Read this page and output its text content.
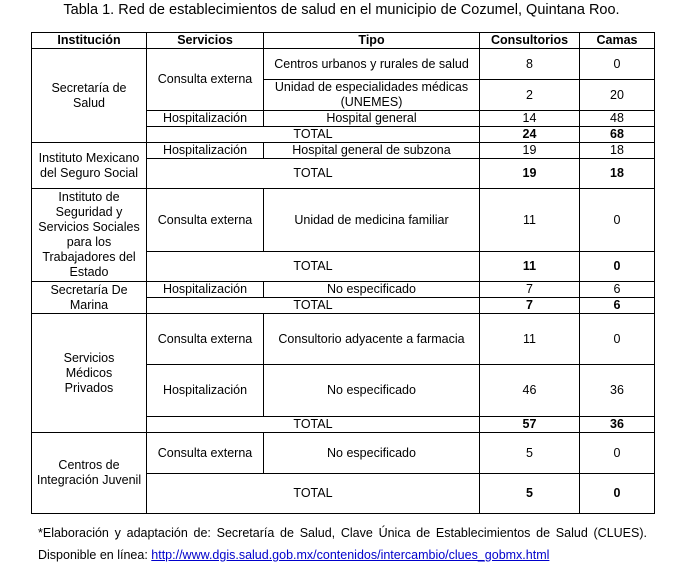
Tabla 1. Red de establecimientos de salud en el municipio de Cozumel, Quintana Roo.
Institución	Servicios	Tipo	Consultorios	Camas
Secretaría de Salud	Consulta externa	Centros urbanos y rurales de salud	8	0
		Unidad de especialidades médicas (UNEMES)	2	20
	Hospitalización	Hospital general	14	48
	TOTAL		24	68
Instituto Mexicano del Seguro Social	Hospitalización	Hospital general de subzona	19	18
	TOTAL		19	18
Instituto de Seguridad y Servicios Sociales para los Trabajadores del Estado	Consulta externa	Unidad de medicina familiar	11	0
	TOTAL		11	0
Secretaría De Marina	Hospitalización	No especificado	7	6
	TOTAL		7	6
Servicios Médicos Privados	Consulta externa	Consultorio adyacente a farmacia	11	0
	Hospitalización	No especificado	46	36
	TOTAL		57	36
Centros de Integración Juvenil	Consulta externa	No especificado	5	0
	TOTAL		5	0
*Elaboración y adaptación de: Secretaría de Salud, Clave Única de Establecimientos de Salud (CLUES). Disponible en línea: http://www.dgis.salud.gob.mx/contenidos/intercambio/clues_gobmx.html
